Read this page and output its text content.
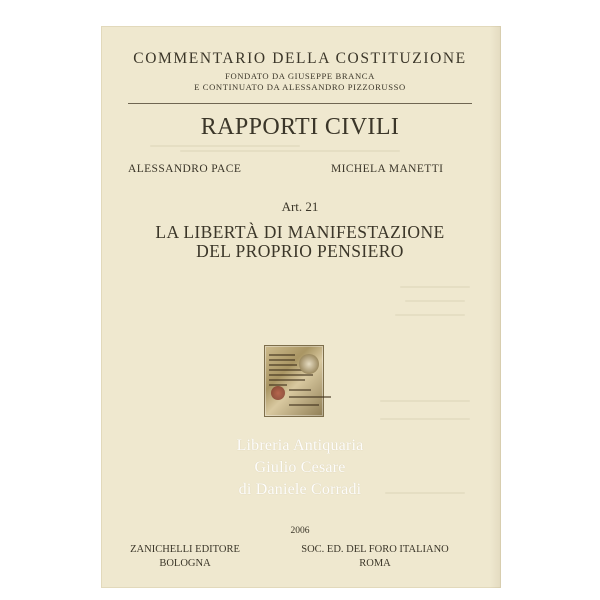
COMMENTARIO DELLA COSTITUZIONE
FONDATO DA GIUSEPPE BRANCA
E CONTINUATO DA ALESSANDRO PIZZORUSSO
RAPPORTI CIVILI
ALESSANDRO PACE	MICHELA MANETTI
Art. 21
LA LIBERTÀ DI MANIFESTAZIONE
DEL PROPRIO PENSIERO
Libreria Antiquaria
Giulio Cesare
di Daniele Corradi
2006
ZANICHELLI EDITORE
BOLOGNA
SOC. ED. DEL FORO ITALIANO
ROMA
